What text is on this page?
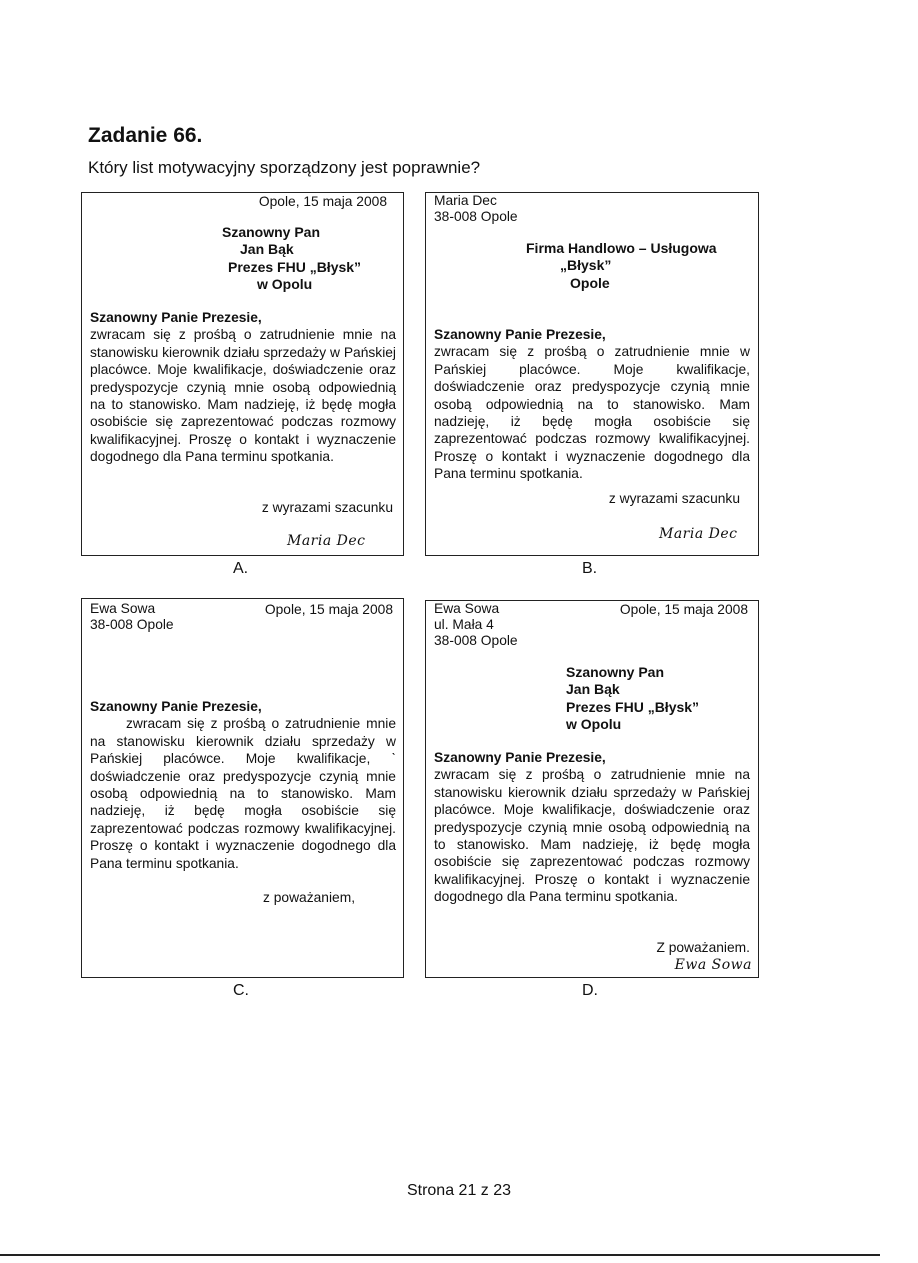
Zadanie 66.

Który list motywacyjny sporządzony jest poprawnie?

Opole, 15 maja 2008
Szanowny Pan
Jan Bąk
Prezes FHU „Błysk”
w Opolu

Szanowny Panie Prezesie,

zwracam się z prośbą o zatrudnienie mnie na stanowisku kierownik działu sprzedaży w Pańskiej placówce. Moje kwalifikacje, doświadczenie oraz predyspozycje czynią mnie osobą odpowiednią na to stanowisko. Mam nadzieję, iż będę mogła osobiście się zaprezentować podczas rozmowy kwalifikacyjnej. Proszę o kontakt i wyznaczenie dogodnego dla Pana terminu spotkania.

z wyrazami szacunku
Maria Dec
A.
Maria Dec
38-008 Opole
Firma Handlowo – Usługowa
„Błysk”
Opole

Szanowny Panie Prezesie,

zwracam się z prośbą o zatrudnienie mnie w Pańskiej placówce. Moje kwalifikacje, doświadczenie oraz predyspozycje czynią mnie osobą odpowiednią na to stanowisko. Mam nadzieję, iż będę mogła osobiście się zaprezentować podczas rozmowy kwalifikacyjnej. Proszę o kontakt i wyznaczenie dogodnego dla Pana terminu spotkania.

z wyrazami szacunku
Maria Dec
B.
Ewa Sowa
38-008 Opole
Opole, 15 maja 2008

Szanowny Panie Prezesie,

zwracam się z prośbą o zatrudnienie mnie na stanowisku kierownik działu sprzedaży w Pańskiej placówce. Moje kwalifikacje, ˋ doświadczenie oraz predyspozycje czynią mnie osobą odpowiednią na to stanowisko. Mam nadzieję, iż będę mogła osobiście się zaprezentować podczas rozmowy kwalifikacyjnej. Proszę o kontakt i wyznaczenie dogodnego dla Pana terminu spotkania.

z poważaniem,
C.
Ewa Sowa
ul. Mała 4
38-008 Opole
Opole, 15 maja 2008
Szanowny Pan
Jan Bąk
Prezes FHU „Błysk”
w Opolu

Szanowny Panie Prezesie,

zwracam się z prośbą o zatrudnienie mnie na stanowisku kierownik działu sprzedaży w Pańskiej placówce. Moje kwalifikacje, doświadczenie oraz predyspozycje czynią mnie osobą odpowiednią na to stanowisko. Mam nadzieję, iż będę mogła osobiście się zaprezentować podczas rozmowy kwalifikacyjnej. Proszę o kontakt i wyznaczenie dogodnego dla Pana terminu spotkania.

Z poważaniem.
Ewa Sowa
D.
Strona 21 z 23
